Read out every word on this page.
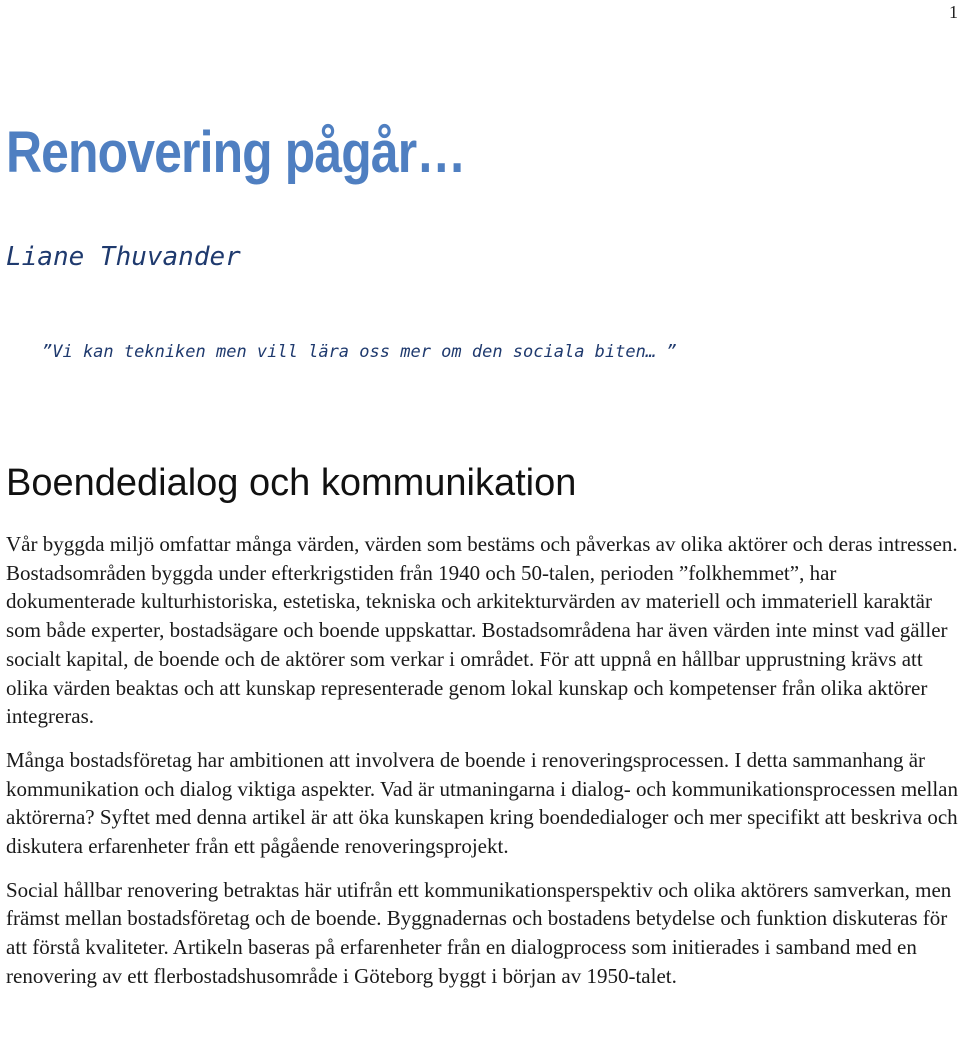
1
Renovering pågår…
Liane Thuvander
”Vi kan tekniken men vill lära oss mer om den sociala biten… ”
Boendedialog och kommunikation

Vår byggda miljö omfattar många värden, värden som bestäms och påverkas av olika aktörer och deras intressen. Bostadsområden byggda under efterkrigstiden från 1940 och 50-talen, perioden ”folkhemmet”, har dokumenterade kulturhistoriska, estetiska, tekniska och arkitekturvärden av materiell och immateriell karaktär som både experter, bostadsägare och boende uppskattar. Bostadsområdena har även värden inte minst vad gäller socialt kapital, de boende och de aktörer som verkar i området. För att uppnå en hållbar upprustning krävs att olika värden beaktas och att kunskap representerade genom lokal kunskap och kompetenser från olika aktörer integreras.

Många bostadsföretag har ambitionen att involvera de boende i renoveringsprocessen. I detta sammanhang är kommunikation och dialog viktiga aspekter. Vad är utmaningarna i dialog- och kommunikationsprocessen mellan aktörerna? Syftet med denna artikel är att öka kunskapen kring boendedialoger och mer specifikt att beskriva och diskutera erfarenheter från ett pågående renoveringsprojekt.

Social hållbar renovering betraktas här utifrån ett kommunikationsperspektiv och olika aktörers samverkan, men främst mellan bostadsföretag och de boende. Byggnadernas och bostadens betydelse och funktion diskuteras för att förstå kvaliteter. Artikeln baseras på erfarenheter från en dialogprocess som initierades i samband med en renovering av ett flerbostadshusområde i Göteborg byggt i början av 1950-talet.
